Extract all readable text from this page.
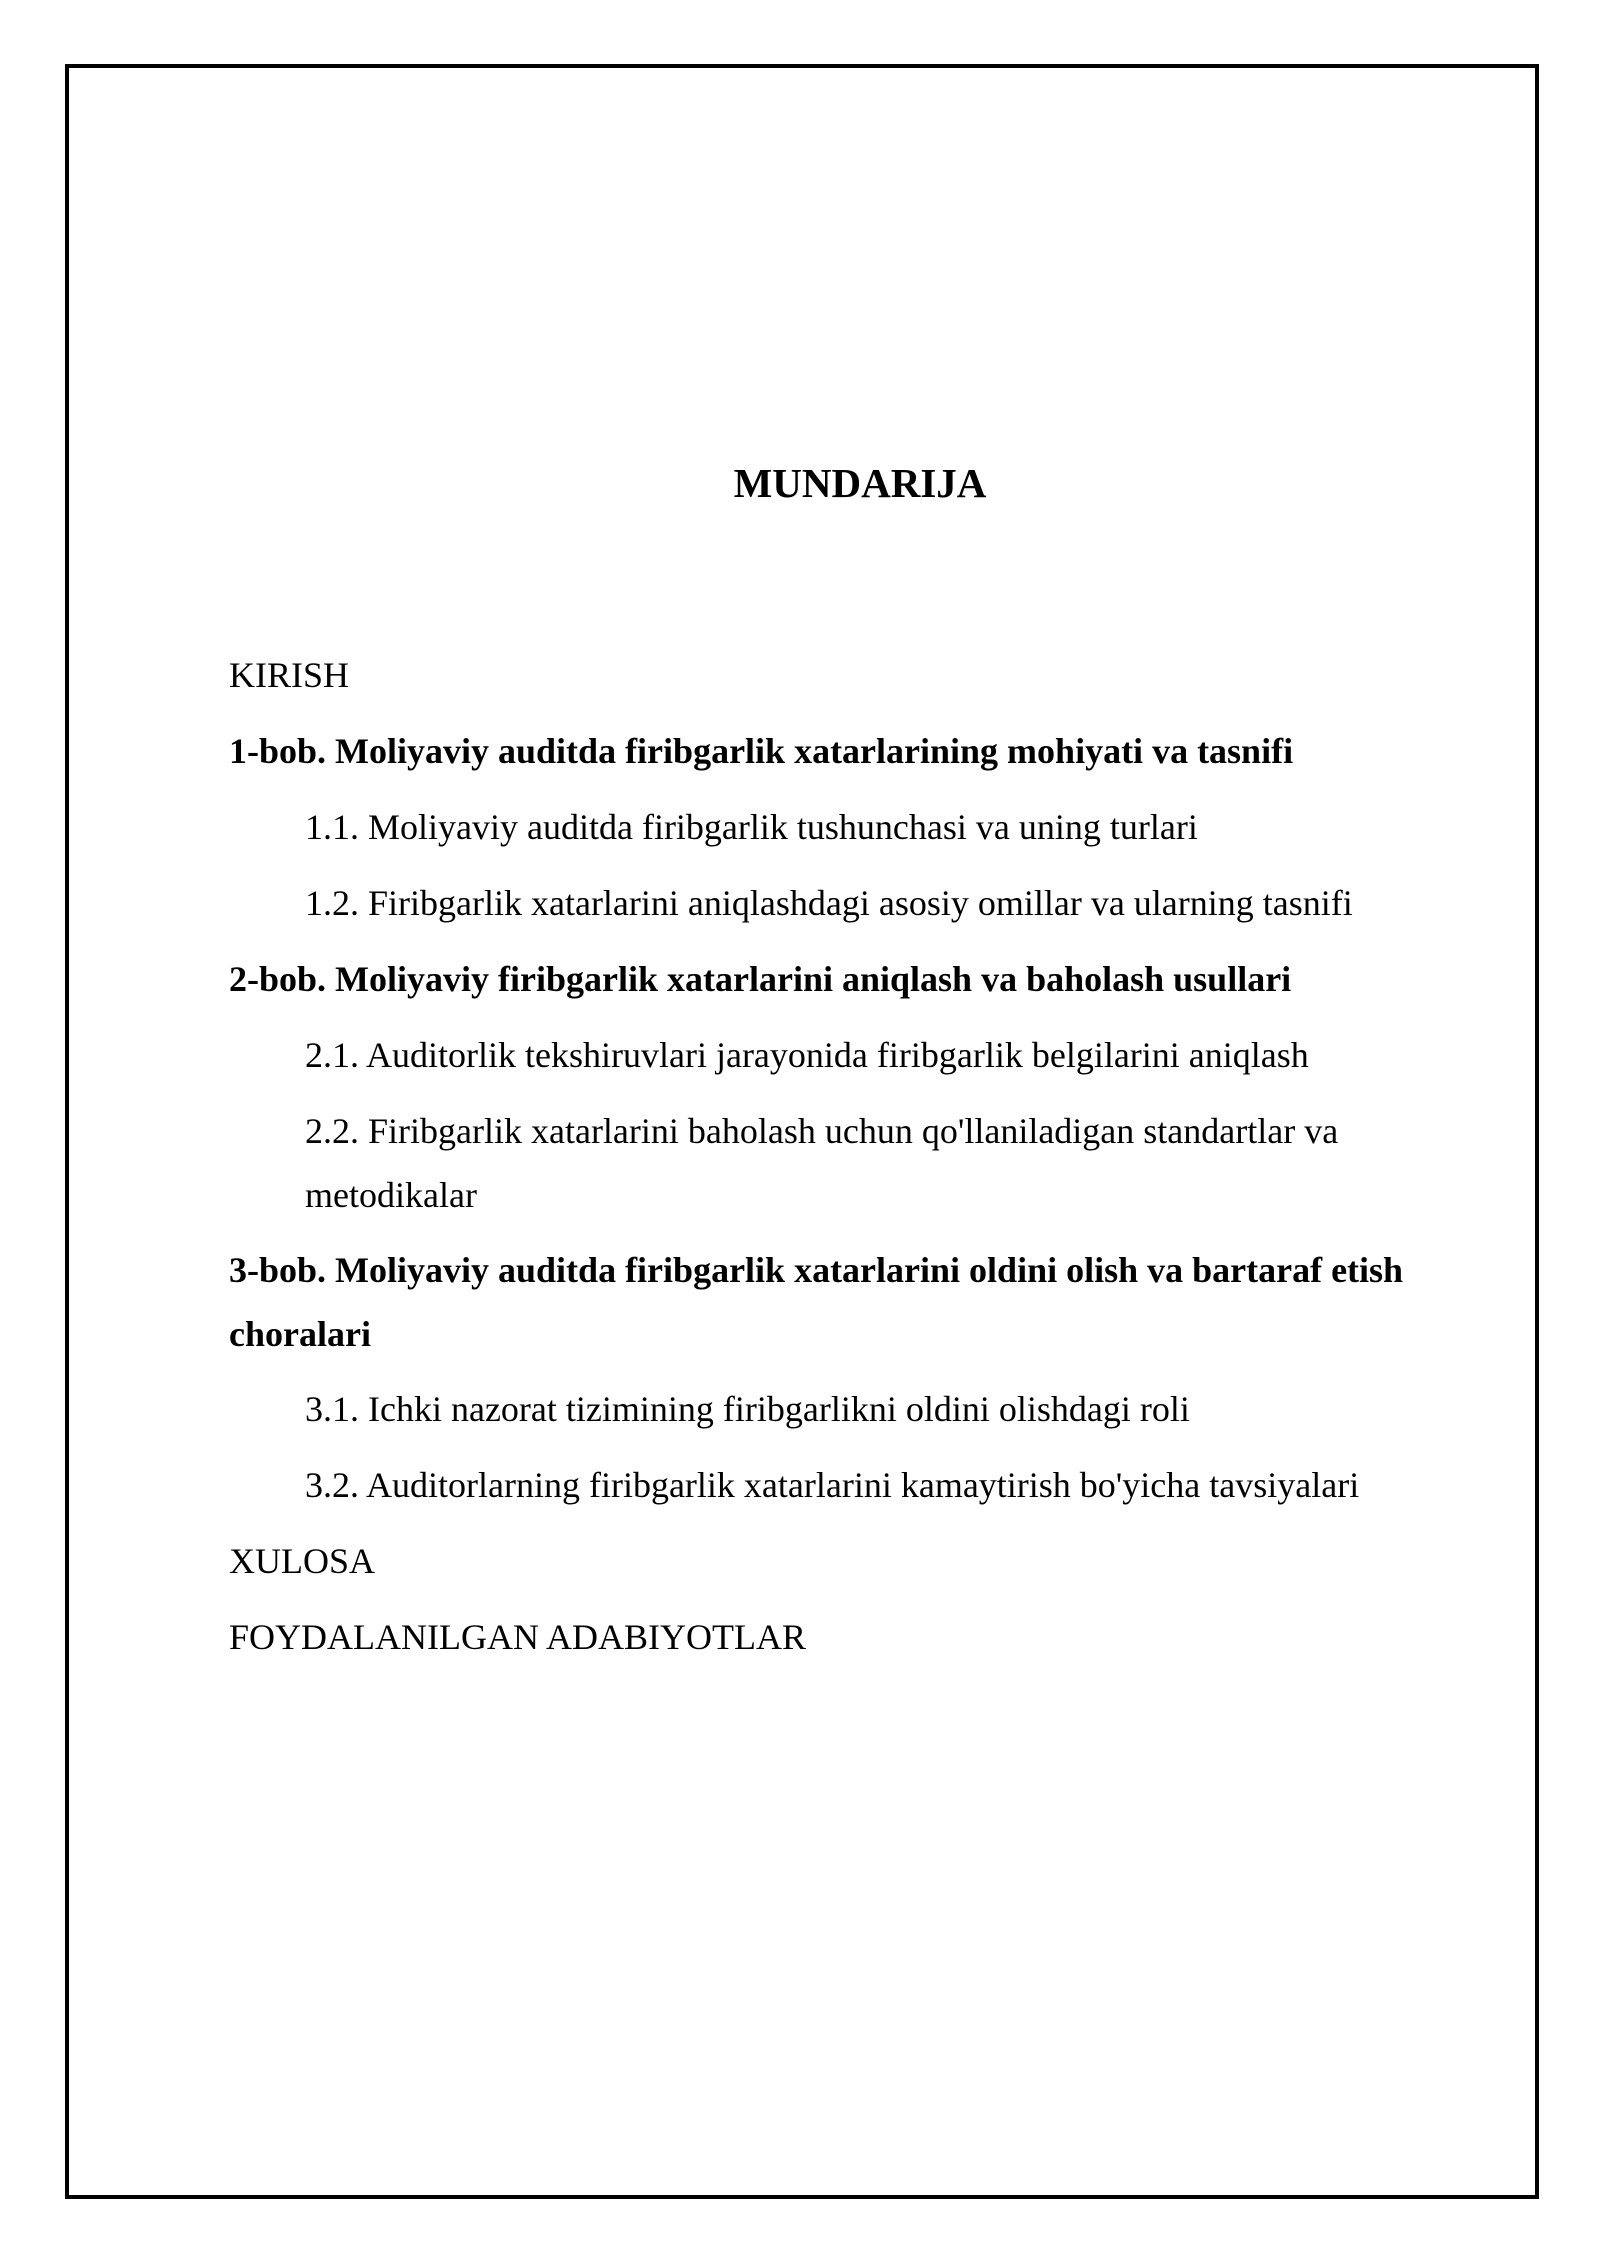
MUNDARIJA
KIRISH
1-bob. Moliyaviy auditda firibgarlik xatarlarining mohiyati va tasnifi
1.1. Moliyaviy auditda firibgarlik tushunchasi va uning turlari
1.2. Firibgarlik xatarlarini aniqlashdagi asosiy omillar va ularning tasnifi
2-bob. Moliyaviy firibgarlik xatarlarini aniqlash va baholash usullari
2.1. Auditorlik tekshiruvlari jarayonida firibgarlik belgilarini aniqlash
2.2. Firibgarlik xatarlarini baholash uchun qo'llaniladigan standartlar va metodikalar
3-bob. Moliyaviy auditda firibgarlik xatarlarini oldini olish va bartaraf etish choralari
3.1. Ichki nazorat tizimining firibgarlikni oldini olishdagi roli
3.2. Auditorlarning firibgarlik xatarlarini kamaytirish bo'yicha tavsiyalari
XULOSA
FOYDALANILGAN ADABIYOTLAR
